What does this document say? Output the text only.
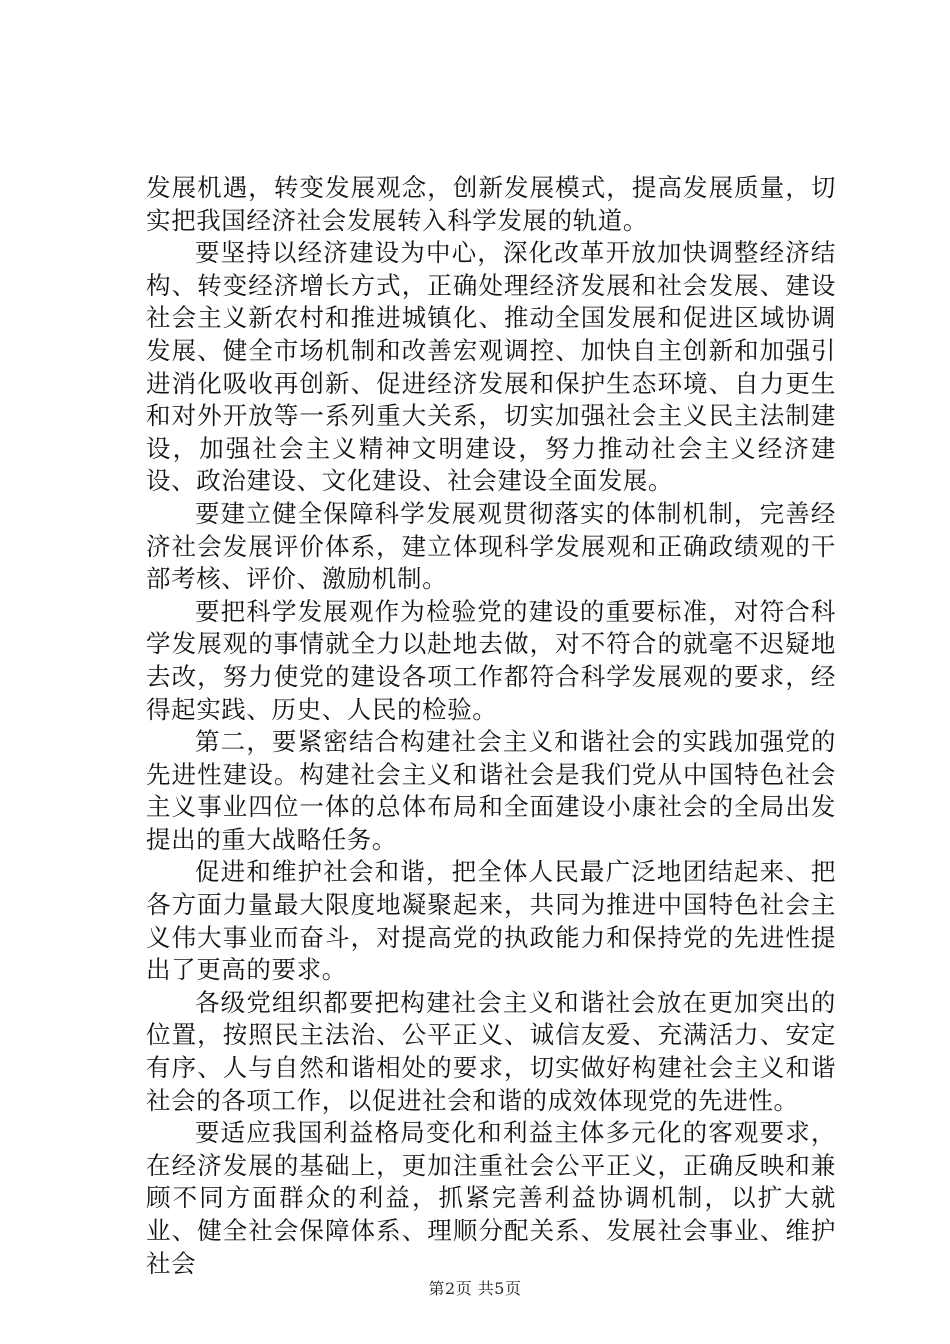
发展机遇，转变发展观念，创新发展模式，提高发展质量，切实把我国经济社会发展转入科学发展的轨道。

要坚持以经济建设为中心，深化改革开放加快调整经济结构、转变经济增长方式，正确处理经济发展和社会发展、建设社会主义新农村和推进城镇化、推动全国发展和促进区域协调发展、健全市场机制和改善宏观调控、加快自主创新和加强引进消化吸收再创新、促进经济发展和保护生态环境、自力更生和对外开放等一系列重大关系，切实加强社会主义民主法制建设，加强社会主义精神文明建设，努力推动社会主义经济建设、政治建设、文化建设、社会建设全面发展。

要建立健全保障科学发展观贯彻落实的体制机制，完善经济社会发展评价体系，建立体现科学发展观和正确政绩观的干部考核、评价、激励机制。

要把科学发展观作为检验党的建设的重要标准，对符合科学发展观的事情就全力以赴地去做，对不符合的就毫不迟疑地去改，努力使党的建设各项工作都符合科学发展观的要求，经得起实践、历史、人民的检验。

第二，要紧密结合构建社会主义和谐社会的实践加强党的先进性建设。构建社会主义和谐社会是我们党从中国特色社会主义事业四位一体的总体布局和全面建设小康社会的全局出发提出的重大战略任务。

促进和维护社会和谐，把全体人民最广泛地团结起来、把各方面力量最大限度地凝聚起来，共同为推进中国特色社会主义伟大事业而奋斗，对提高党的执政能力和保持党的先进性提出了更高的要求。

各级党组织都要把构建社会主义和谐社会放在更加突出的位置，按照民主法治、公平正义、诚信友爱、充满活力、安定有序、人与自然和谐相处的要求，切实做好构建社会主义和谐社会的各项工作，以促进社会和谐的成效体现党的先进性。

要适应我国利益格局变化和利益主体多元化的客观要求，在经济发展的基础上，更加注重社会公平正义，正确反映和兼顾不同方面群众的利益，抓紧完善利益协调机制，以扩大就业、健全社会保障体系、理顺分配关系、发展社会事业、维护社会

第2页 共5页
